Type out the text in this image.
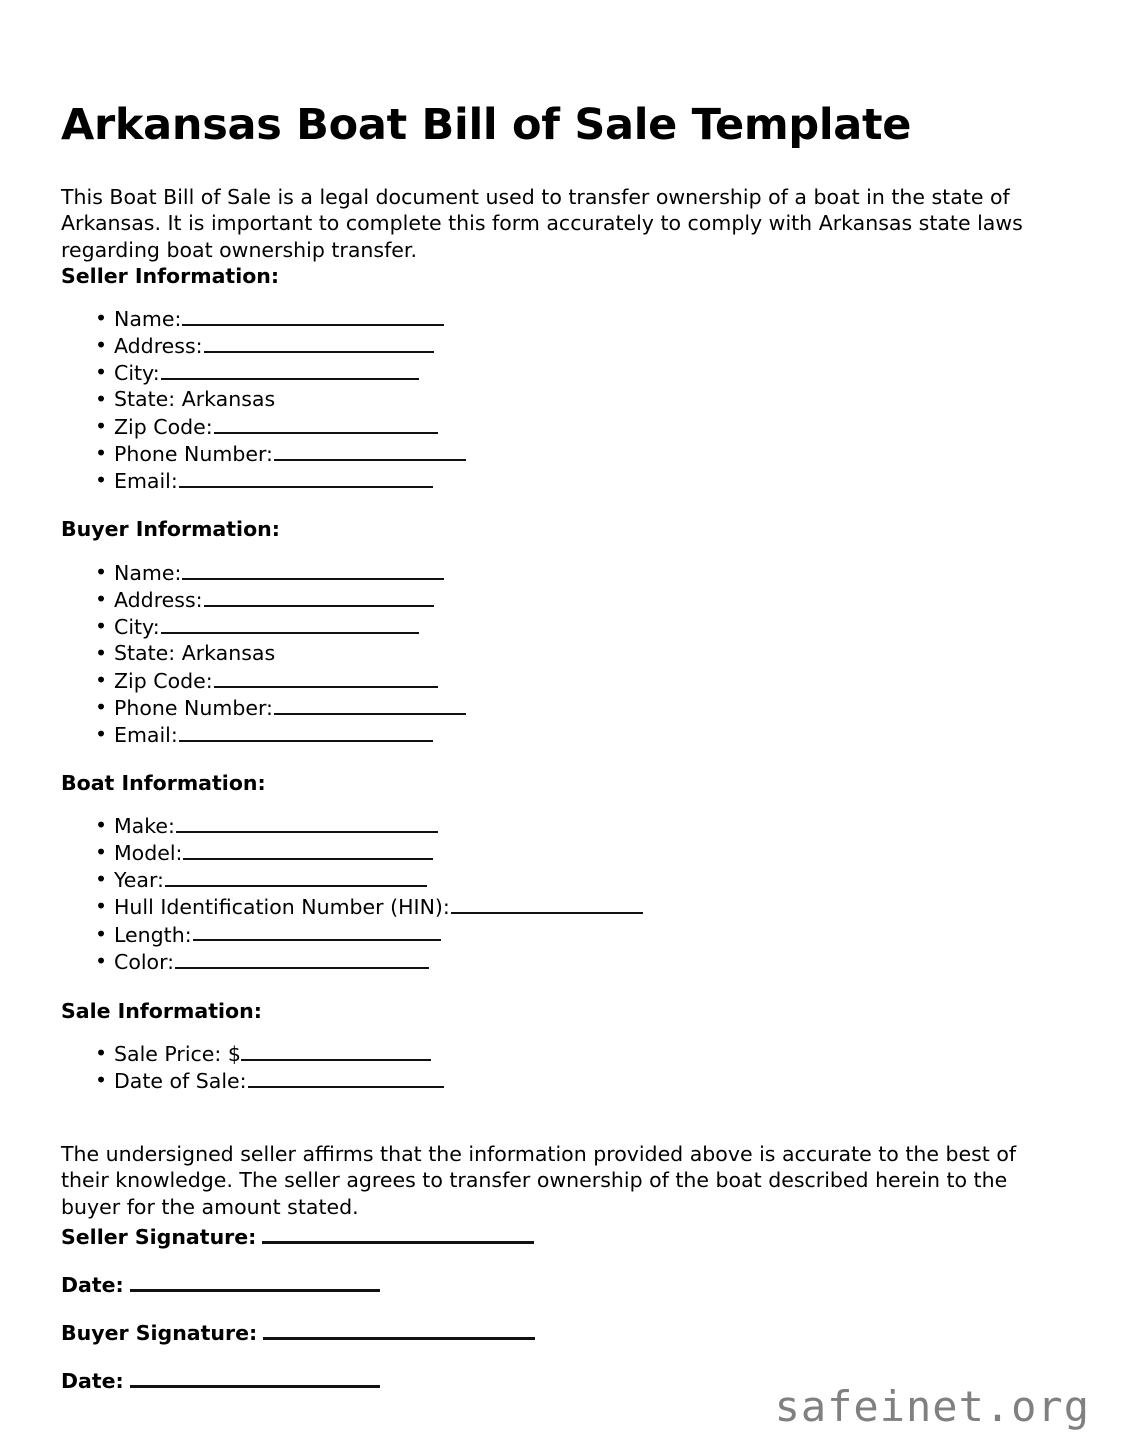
Arkansas Boat Bill of Sale Template

This Boat Bill of Sale is a legal document used to transfer ownership of a boat in the state of Arkansas. It is important to complete this form accurately to comply with Arkansas state laws regarding boat ownership transfer.

Seller Information:
• Name:
• Address:
• City:
• State: Arkansas
• Zip Code:
• Phone Number:
• Email:
Buyer Information:
• Name:
• Address:
• City:
• State: Arkansas
• Zip Code:
• Phone Number:
• Email:
Boat Information:
• Make:
• Model:
• Year:
• Hull Identification Number (HIN):
• Length:
• Color:
Sale Information:
• Sale Price: $
• Date of Sale:

The undersigned seller affirms that the information provided above is accurate to the best of their knowledge. The seller agrees to transfer ownership of the boat described herein to the buyer for the amount stated.

Seller Signature:
Date:
Buyer Signature:
Date:
safeinet.org
